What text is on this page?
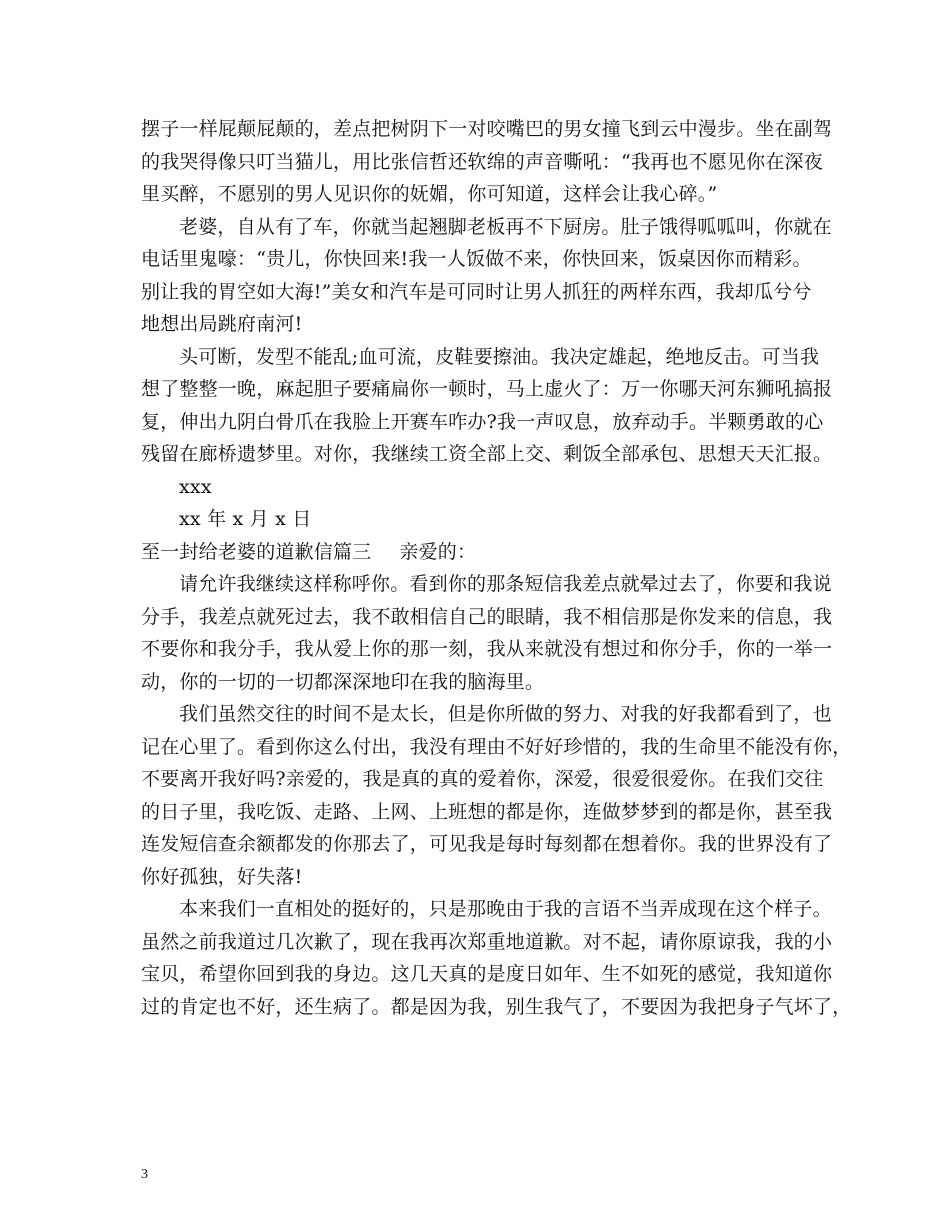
摆子一样屁颠屁颠的，差点把树阴下一对咬嘴巴的男女撞飞到云中漫步。坐在副驾
的我哭得像只叮当猫儿，用比张信哲还软绵的声音嘶吼：“我再也不愿见你在深夜
里买醉，不愿别的男人见识你的妩媚，你可知道，这样会让我心碎。”
老婆，自从有了车，你就当起翘脚老板再不下厨房。肚子饿得呱呱叫，你就在
电话里鬼嚎：“贵儿，你快回来!我一人饭做不来，你快回来，饭桌因你而精彩。
别让我的胃空如大海!”美女和汽车是可同时让男人抓狂的两样东西，我却瓜兮兮
地想出局跳府南河!
头可断，发型不能乱;血可流，皮鞋要擦油。我决定雄起，绝地反击。可当我
想了整整一晚，麻起胆子要痛扁你一顿时，马上虚火了：万一你哪天河东狮吼搞报
复，伸出九阴白骨爪在我脸上开赛车咋办?我一声叹息，放弃动手。半颗勇敢的心
残留在廊桥遗梦里。对你，我继续工资全部上交、剩饭全部承包、思想天天汇报。
xxx
xx 年 x 月 x 日
至一封给老婆的道歉信篇三 亲爱的：
请允许我继续这样称呼你。看到你的那条短信我差点就晕过去了，你要和我说
分手，我差点就死过去，我不敢相信自己的眼睛，我不相信那是你发来的信息，我
不要你和我分手，我从爱上你的那一刻，我从来就没有想过和你分手，你的一举一
动，你的一切的一切都深深地印在我的脑海里。
我们虽然交往的时间不是太长，但是你所做的努力、对我的好我都看到了，也
记在心里了。看到你这么付出，我没有理由不好好珍惜的，我的生命里不能没有你，
不要离开我好吗?亲爱的，我是真的真的爱着你，深爱，很爱很爱你。在我们交往
的日子里，我吃饭、走路、上网、上班想的都是你，连做梦梦到的都是你，甚至我
连发短信查余额都发的你那去了，可见我是每时每刻都在想着你。我的世界没有了
你好孤独，好失落!
本来我们一直相处的挺好的，只是那晚由于我的言语不当弄成现在这个样子。
虽然之前我道过几次歉了，现在我再次郑重地道歉。对不起，请你原谅我，我的小
宝贝，希望你回到我的身边。这几天真的是度日如年、生不如死的感觉，我知道你
过的肯定也不好，还生病了。都是因为我，别生我气了，不要因为我把身子气坏了，
3
